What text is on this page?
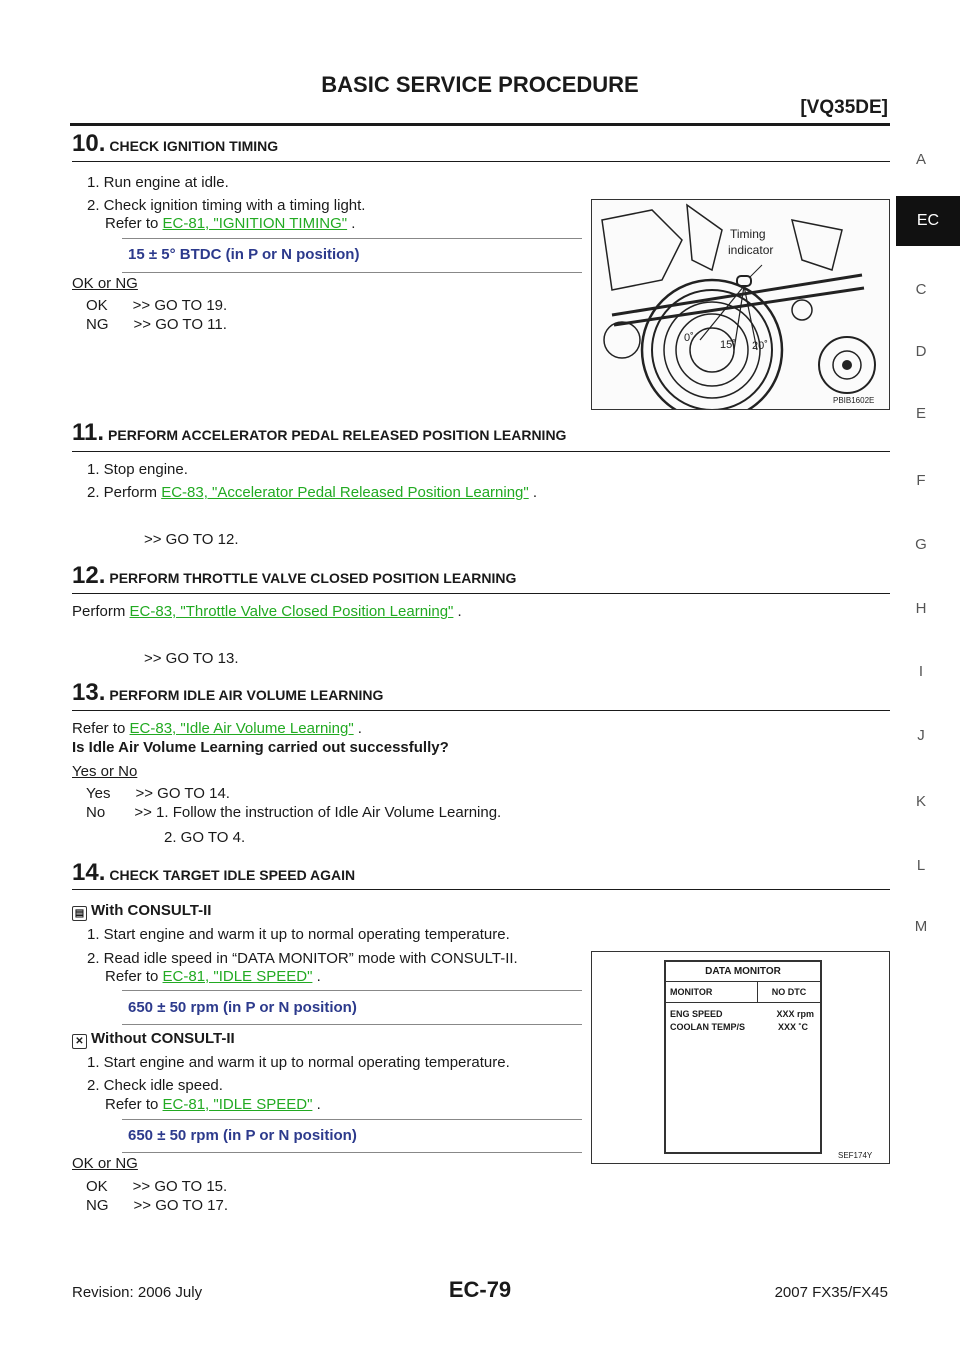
BASIC SERVICE PROCEDURE
[VQ35DE]
A
EC
C
D
E
F
G
H
I
J
K
L
M
10. CHECK IGNITION TIMING
1. Run engine at idle.
2. Check ignition timing with a timing light.
Refer to EC-81, "IGNITION TIMING" .
15 ± 5° BTDC (in P or N position)
OK or NG
OK      >> GO TO 19.
NG      >> GO TO 11.
Timing
indicator
0˚
15˚ 20˚
PBIB1602E
11. PERFORM ACCELERATOR PEDAL RELEASED POSITION LEARNING
1. Stop engine.
2. Perform EC-83, "Accelerator Pedal Released Position Learning" .
>> GO TO 12.
12. PERFORM THROTTLE VALVE CLOSED POSITION LEARNING
Perform EC-83, "Throttle Valve Closed Position Learning" .
>> GO TO 13.
13. PERFORM IDLE AIR VOLUME LEARNING
Refer to EC-83, "Idle Air Volume Learning" .
Is Idle Air Volume Learning carried out successfully?
Yes or No
Yes      >> GO TO 14.
No       >> 1. Follow the instruction of Idle Air Volume Learning.
2. GO TO 4.
14. CHECK TARGET IDLE SPEED AGAIN
▤ With CONSULT-II
1. Start engine and warm it up to normal operating temperature.
2. Read idle speed in “DATA MONITOR” mode with CONSULT-II.
Refer to EC-81, "IDLE SPEED" .
650 ± 50 rpm (in P or N position)
✕ Without CONSULT-II
1. Start engine and warm it up to normal operating temperature.
2. Check idle speed.
Refer to EC-81, "IDLE SPEED" .
650 ± 50 rpm (in P or N position)
OK or NG
OK      >> GO TO 15.
NG      >> GO TO 17.
DATA MONITOR
MONITOR	NO DTC
ENG SPEED	XXX rpm
COOLAN TEMP/S	XXX ˚C
SEF174Y
Revision: 2006 July	EC-79	2007 FX35/FX45
